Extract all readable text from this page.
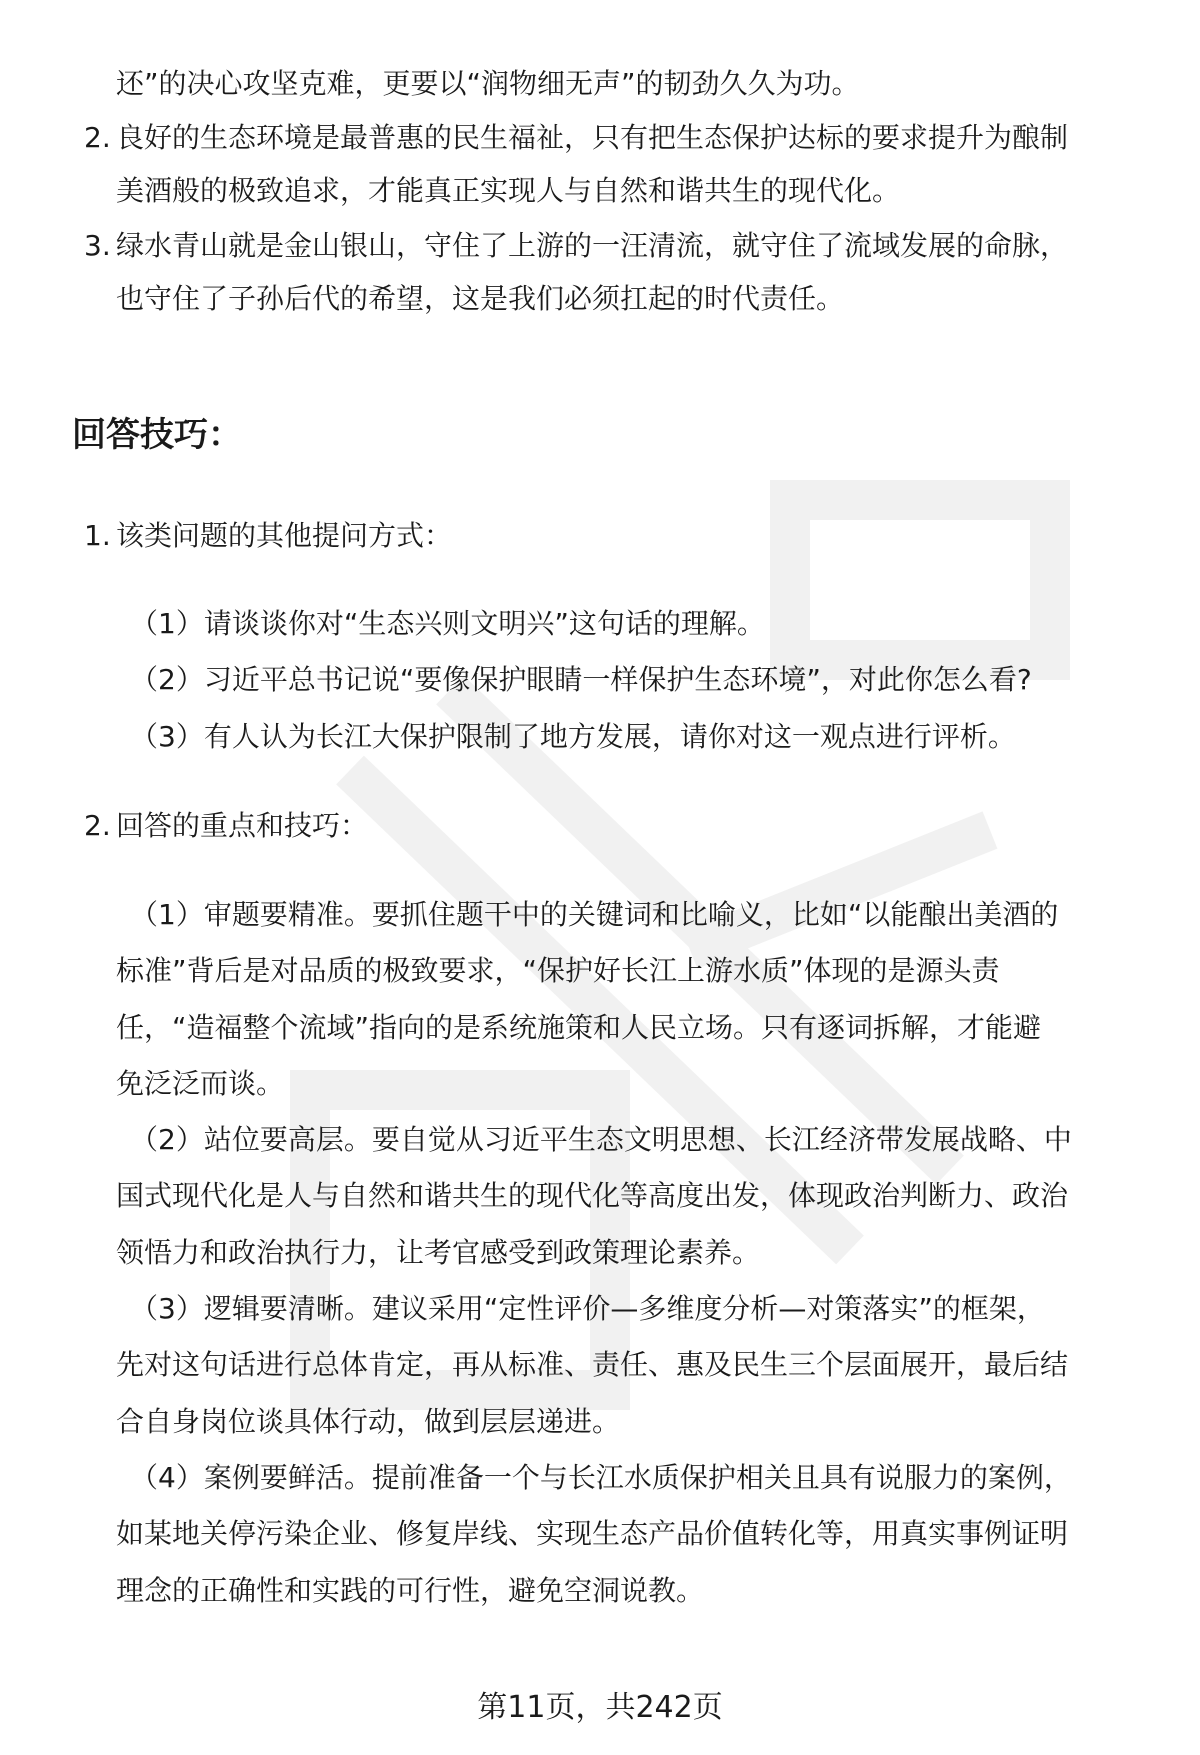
还”的决心攻坚克难，更要以“润物细无声”的韧劲久久为功。
2. 良好的生态环境是最普惠的民生福祉，只有把生态保护达标的要求提升为酿制
美酒般的极致追求，才能真正实现人与自然和谐共生的现代化。
3. 绿水青山就是金山银山，守住了上游的一汪清流，就守住了流域发展的命脉，
也守住了子孙后代的希望，这是我们必须扛起的时代责任。
回答技巧：
1. 该类问题的其他提问方式：
（1）请谈谈你对“生态兴则文明兴”这句话的理解。
（2）习近平总书记说“要像保护眼睛一样保护生态环境”，对此你怎么看?
（3）有人认为长江大保护限制了地方发展，请你对这一观点进行评析。
2. 回答的重点和技巧：
（1）审题要精准。要抓住题干中的关键词和比喻义，比如“以能酿出美酒的
标准”背后是对品质的极致要求，“保护好长江上游水质”体现的是源头责
任，“造福整个流域”指向的是系统施策和人民立场。只有逐词拆解，才能避
免泛泛而谈。
（2）站位要高层。要自觉从习近平生态文明思想、长江经济带发展战略、中
国式现代化是人与自然和谐共生的现代化等高度出发，体现政治判断力、政治
领悟力和政治执行力，让考官感受到政策理论素养。
（3）逻辑要清晰。建议采用“定性评价—多维度分析—对策落实”的框架，
先对这句话进行总体肯定，再从标准、责任、惠及民生三个层面展开，最后结
合自身岗位谈具体行动，做到层层递进。
（4）案例要鲜活。提前准备一个与长江水质保护相关且具有说服力的案例，
如某地关停污染企业、修复岸线、实现生态产品价值转化等，用真实事例证明
理念的正确性和实践的可行性，避免空洞说教。
第11页，共242页
